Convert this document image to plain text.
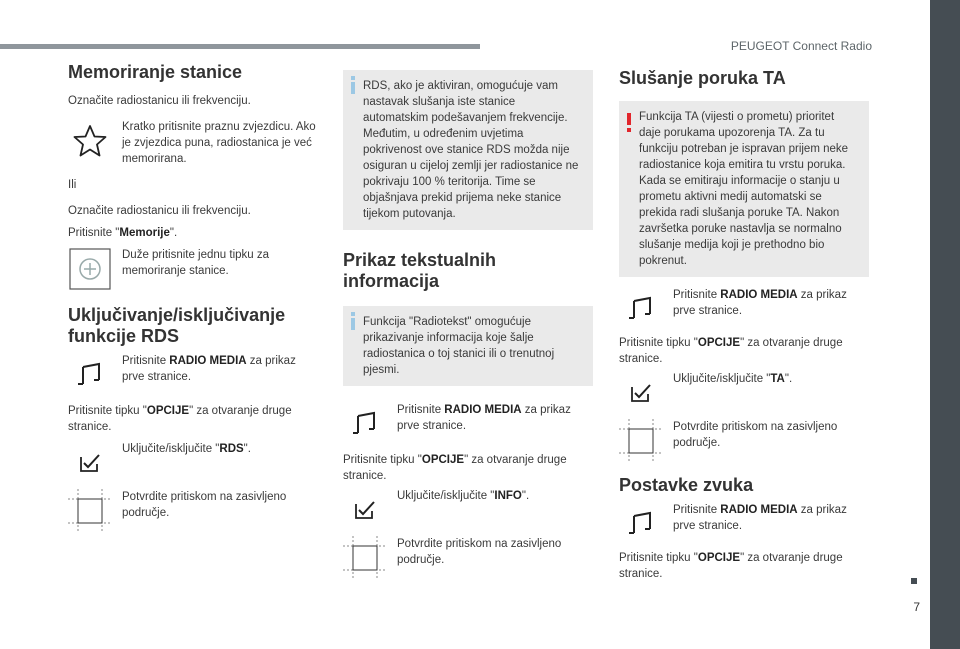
PEUGEOT Connect Radio
7
Memoriranje stanice

Označite radiostanicu ili frekvenciju.

Kratko pritisnite praznu zvjezdicu. Ako je zvjezdica puna, radiostanica je već memorirana.

Ili

Označite radiostanicu ili frekvenciju.

Pritisnite "Memorije".

Duže pritisnite jednu tipku za memoriranje stanice.

Uključivanje/isključivanje funkcije RDS

Pritisnite RADIO MEDIA za prikaz prve stranice.

Pritisnite tipku "OPCIJE" za otvaranje druge stranice.

Uključite/isključite "RDS".

Potvrdite pritiskom na zasivljeno područje.

RDS, ako je aktiviran, omogućuje vam nastavak slušanja iste stanice automatskim podešavanjem frekvencije. Međutim, u određenim uvjetima pokrivenost ove stanice RDS možda nije osiguran u cijeloj zemlji jer radiostanice ne pokrivaju 100 % teritorija. Time se objašnjava prekid prijema neke stanice tijekom putovanja.

Prikaz tekstualnih informacija

Funkcija "Radiotekst" omogućuje prikazivanje informacija koje šalje radiostanica o toj stanici ili o trenutnoj pjesmi.

Pritisnite RADIO MEDIA za prikaz prve stranice.

Pritisnite tipku "OPCIJE" za otvaranje druge stranice.

Uključite/isključite "INFO".

Potvrdite pritiskom na zasivljeno područje.

Slušanje poruka TA

Funkcija TA (vijesti o prometu) prioritet daje porukama upozorenja TA. Za tu funkciju potreban je ispravan prijem neke radiostanice koja emitira tu vrstu poruka. Kada se emitiraju informacije o stanju u prometu aktivni medij automatski se prekida radi slušanja poruke TA. Nakon završetka poruke nastavlja se normalno slušanje medija koji je prethodno bio pokrenut.

Pritisnite RADIO MEDIA za prikaz prve stranice.

Pritisnite tipku "OPCIJE" za otvaranje druge stranice.

Uključite/isključite "TA".

Potvrdite pritiskom na zasivljeno područje.

Postavke zvuka

Pritisnite RADIO MEDIA za prikaz prve stranice.

Pritisnite tipku "OPCIJE" za otvaranje druge stranice.
